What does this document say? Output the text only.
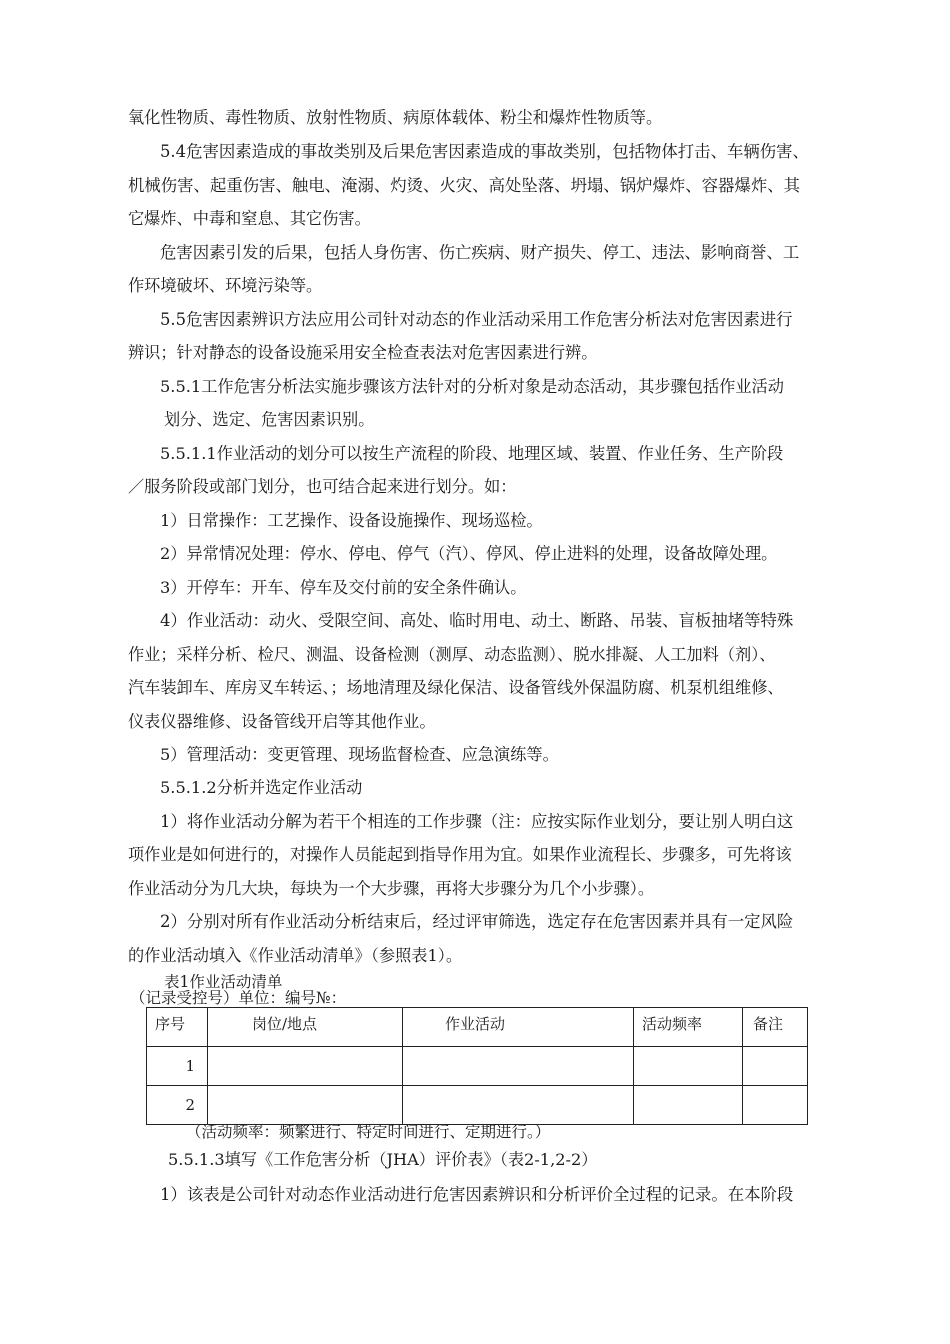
氧化性物质、毒性物质、放射性物质、病原体载体、粉尘和爆炸性物质等。
5.4危害因素造成的事故类别及后果危害因素造成的事故类别，包括物体打击、车辆伤害、
机械伤害、起重伤害、触电、淹溺、灼烫、火灾、高处坠落、坍塌、锅炉爆炸、容器爆炸、其
它爆炸、中毒和窒息、其它伤害。
危害因素引发的后果，包括人身伤害、伤亡疾病、财产损失、停工、违法、影响商誉、工
作环境破坏、环境污染等。
5.5危害因素辨识方法应用公司针对动态的作业活动采用工作危害分析法对危害因素进行
辨识；针对静态的设备设施采用安全检查表法对危害因素进行辨。
5.5.1工作危害分析法实施步骤该方法针对的分析对象是动态活动，其步骤包括作业活动
划分、选定、危害因素识别。
5.5.1.1作业活动的划分可以按生产流程的阶段、地理区域、装置、作业任务、生产阶段
／服务阶段或部门划分，也可结合起来进行划分。如：
1）日常操作：工艺操作、设备设施操作、现场巡检。
2）异常情况处理：停水、停电、停气（汽）、停风、停止进料的处理，设备故障处理。
3）开停车：开车、停车及交付前的安全条件确认。
4）作业活动：动火、受限空间、高处、临时用电、动土、断路、吊装、盲板抽堵等特殊
作业；采样分析、检尺、测温、设备检测（测厚、动态监测）、脱水排凝、人工加料（剂）、
汽车装卸车、库房叉车转运、；场地清理及绿化保洁、设备管线外保温防腐、机泵机组维修、
仪表仪器维修、设备管线开启等其他作业。
5）管理活动：变更管理、现场监督检查、应急演练等。
5.5.1.2分析并选定作业活动
1）将作业活动分解为若干个相连的工作步骤（注：应按实际作业划分，要让别人明白这
项作业是如何进行的，对操作人员能起到指导作用为宜。如果作业流程长、步骤多，可先将该
作业活动分为几大块，每块为一个大步骤，再将大步骤分为几个小步骤）。
2）分别对所有作业活动分析结束后，经过评审筛选，选定存在危害因素并具有一定风险
的作业活动填入《作业活动清单》（参照表1）。
表1作业活动清单
（记录受控号）单位：编号№：
序号	岗位/地点	作业活动	活动频率	备注
1				
2				
（活动频率：频繁进行、特定时间进行、定期进行。）
5.5.1.3填写《工作危害分析（JHA）评价表》（表2-1,2-2）
1）该表是公司针对动态作业活动进行危害因素辨识和分析评价全过程的记录。在本阶段
